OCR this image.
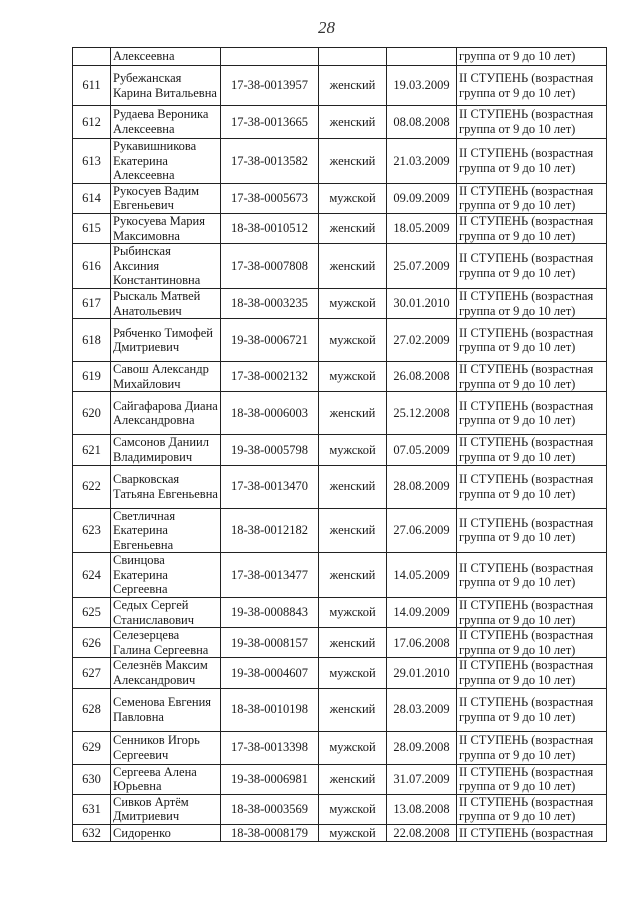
28
	Алексеевна				группа от 9 до 10 лет)
611	Рубежанская Карина Витальевна	17-38-0013957	женский	19.03.2009	II СТУПЕНЬ (возрастная группа от 9 до 10 лет)
612	Рудаева Вероника Алексеевна	17-38-0013665	женский	08.08.2008	II СТУПЕНЬ (возрастная группа от 9 до 10 лет)
613	Рукавишникова Екатерина Алексеевна	17-38-0013582	женский	21.03.2009	II СТУПЕНЬ (возрастная группа от 9 до 10 лет)
614	Рукосуев Вадим Евгеньевич	17-38-0005673	мужской	09.09.2009	II СТУПЕНЬ (возрастная группа от 9 до 10 лет)
615	Рукосуева Мария Максимовна	18-38-0010512	женский	18.05.2009	II СТУПЕНЬ (возрастная группа от 9 до 10 лет)
616	Рыбинская Аксиния Константиновна	17-38-0007808	женский	25.07.2009	II СТУПЕНЬ (возрастная группа от 9 до 10 лет)
617	Рыскаль Матвей Анатольевич	18-38-0003235	мужской	30.01.2010	II СТУПЕНЬ (возрастная группа от 9 до 10 лет)
618	Рябченко Тимофей Дмитриевич	19-38-0006721	мужской	27.02.2009	II СТУПЕНЬ (возрастная группа от 9 до 10 лет)
619	Савош Александр Михайлович	17-38-0002132	мужской	26.08.2008	II СТУПЕНЬ (возрастная группа от 9 до 10 лет)
620	Сайгафарова Диана Александровна	18-38-0006003	женский	25.12.2008	II СТУПЕНЬ (возрастная группа от 9 до 10 лет)
621	Самсонов Даниил Владимирович	19-38-0005798	мужской	07.05.2009	II СТУПЕНЬ (возрастная группа от 9 до 10 лет)
622	Сварковская Татьяна Евгеньевна	17-38-0013470	женский	28.08.2009	II СТУПЕНЬ (возрастная группа от 9 до 10 лет)
623	Светличная Екатерина Евгеньевна	18-38-0012182	женский	27.06.2009	II СТУПЕНЬ (возрастная группа от 9 до 10 лет)
624	Свинцова Екатерина Сергеевна	17-38-0013477	женский	14.05.2009	II СТУПЕНЬ (возрастная группа от 9 до 10 лет)
625	Седых Сергей Станиславович	19-38-0008843	мужской	14.09.2009	II СТУПЕНЬ (возрастная группа от 9 до 10 лет)
626	Селезерцева Галина Сергеевна	19-38-0008157	женский	17.06.2008	II СТУПЕНЬ (возрастная группа от 9 до 10 лет)
627	Селезнёв Максим Александрович	19-38-0004607	мужской	29.01.2010	II СТУПЕНЬ (возрастная группа от 9 до 10 лет)
628	Семенова Евгения Павловна	18-38-0010198	женский	28.03.2009	II СТУПЕНЬ (возрастная группа от 9 до 10 лет)
629	Сенников Игорь Сергеевич	17-38-0013398	мужской	28.09.2008	II СТУПЕНЬ (возрастная группа от 9 до 10 лет)
630	Сергеева Алена Юрьевна	19-38-0006981	женский	31.07.2009	II СТУПЕНЬ (возрастная группа от 9 до 10 лет)
631	Сивков Артём Дмитриевич	18-38-0003569	мужской	13.08.2008	II СТУПЕНЬ (возрастная группа от 9 до 10 лет)
632	Сидоренко	18-38-0008179	мужской	22.08.2008	II СТУПЕНЬ (возрастная
